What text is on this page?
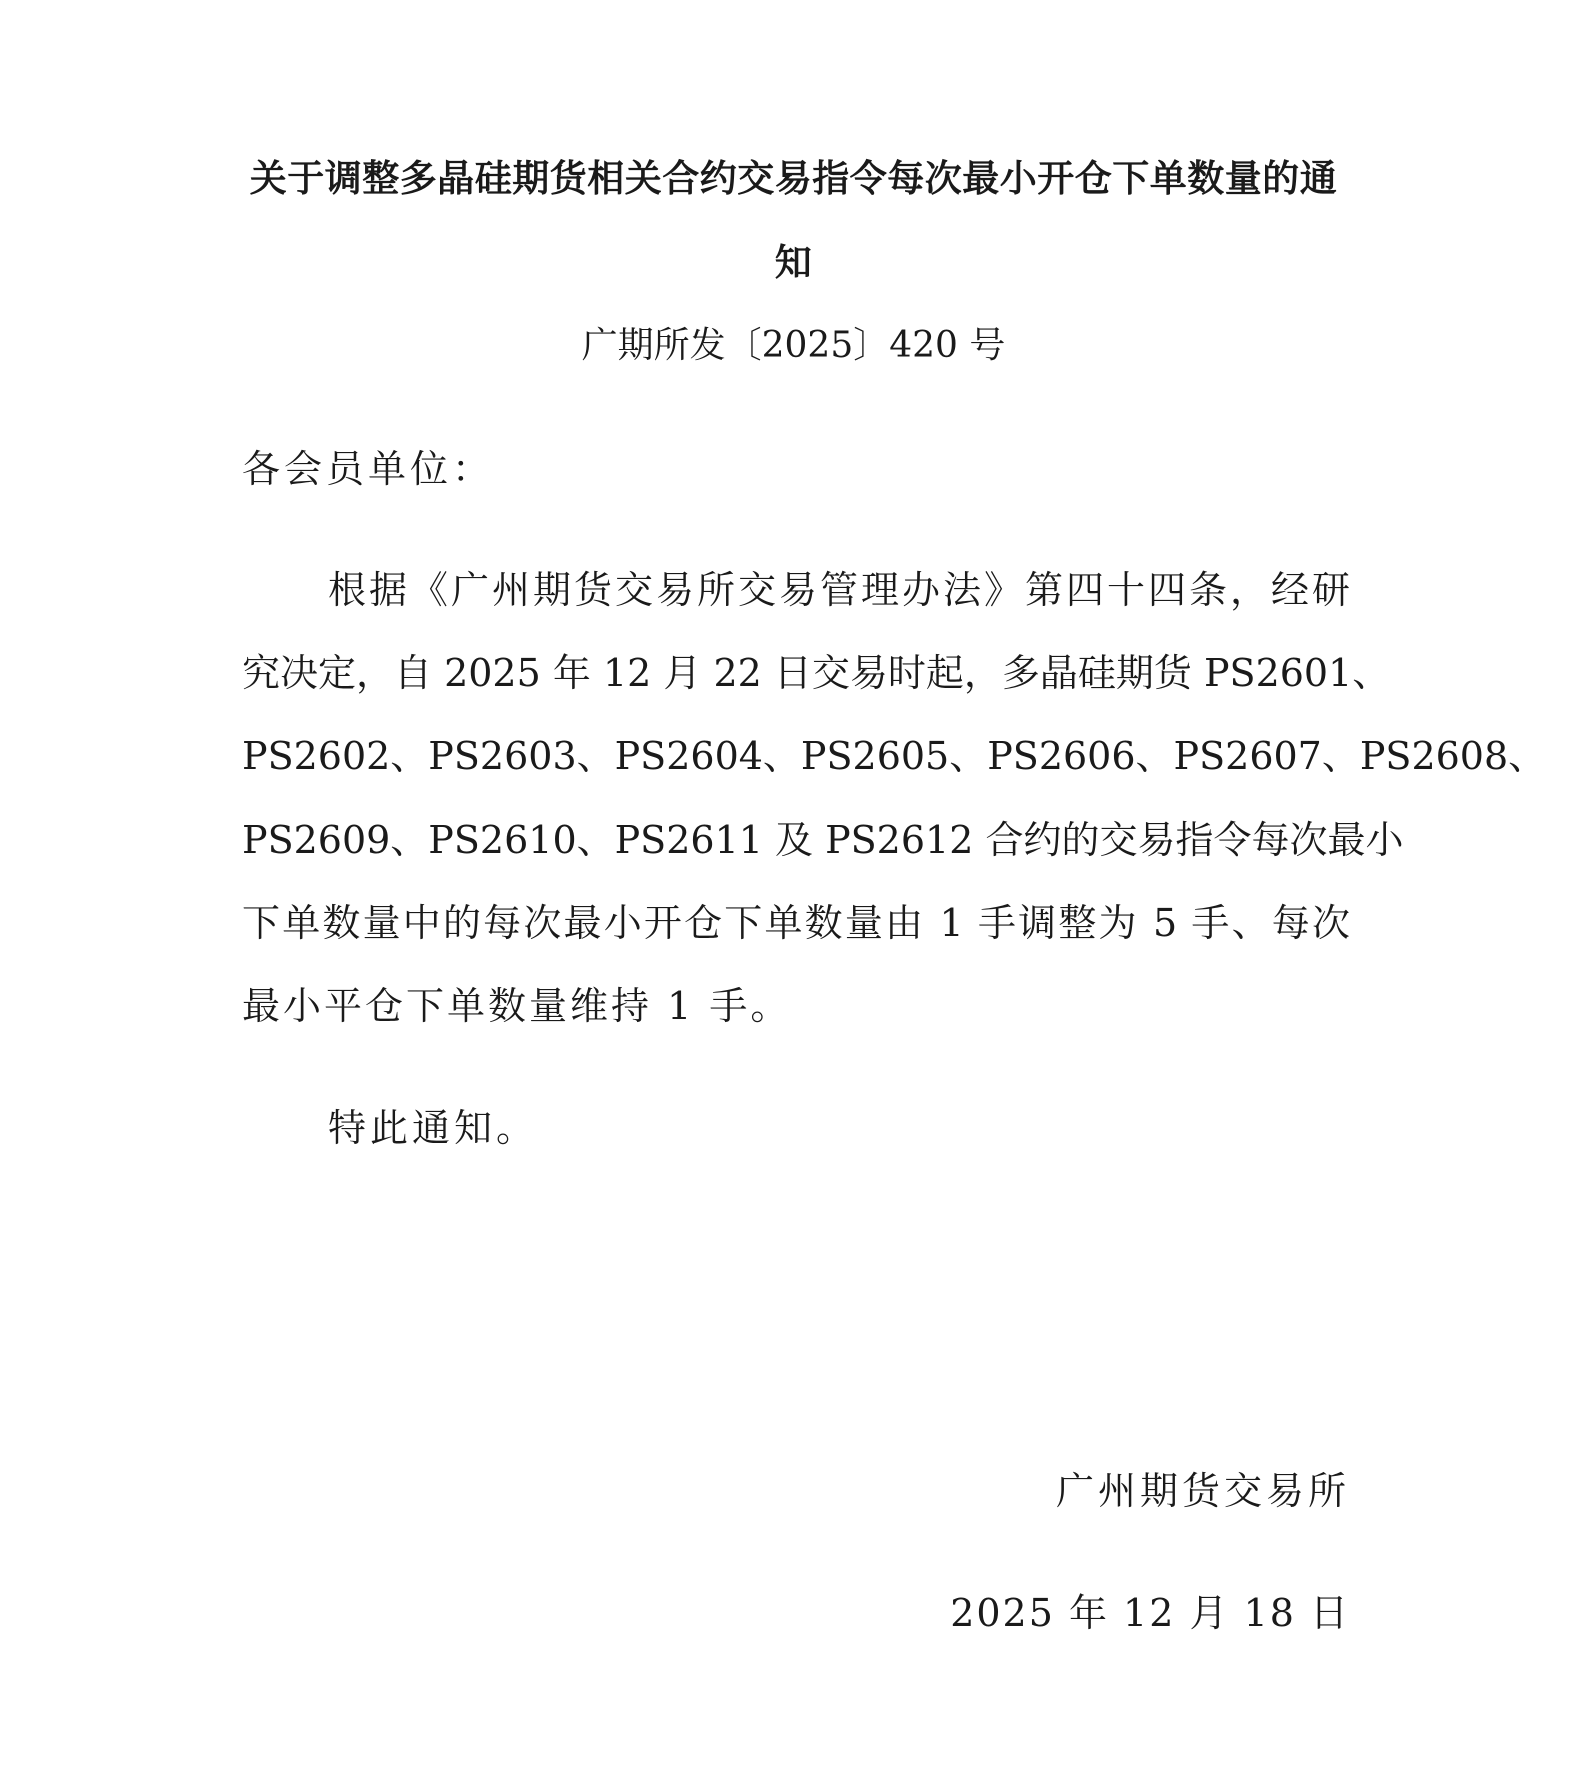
关于调整多晶硅期货相关合约交易指令每次最小开仓下单数量的通
知
广期所发〔2025〕420 号
各会员单位：
根据《广州期货交易所交易管理办法》第四十四条，经研
究决定，自 2025 年 12 月 22 日交易时起，多晶硅期货 PS2601、
PS2602、PS2603、PS2604、PS2605、PS2606、PS2607、PS2608、
PS2609、PS2610、PS2611 及 PS2612 合约的交易指令每次最小
下单数量中的每次最小开仓下单数量由 1 手调整为 5 手、每次
最小平仓下单数量维持 1 手。
特此通知。
广州期货交易所
2025 年 12 月 18 日
